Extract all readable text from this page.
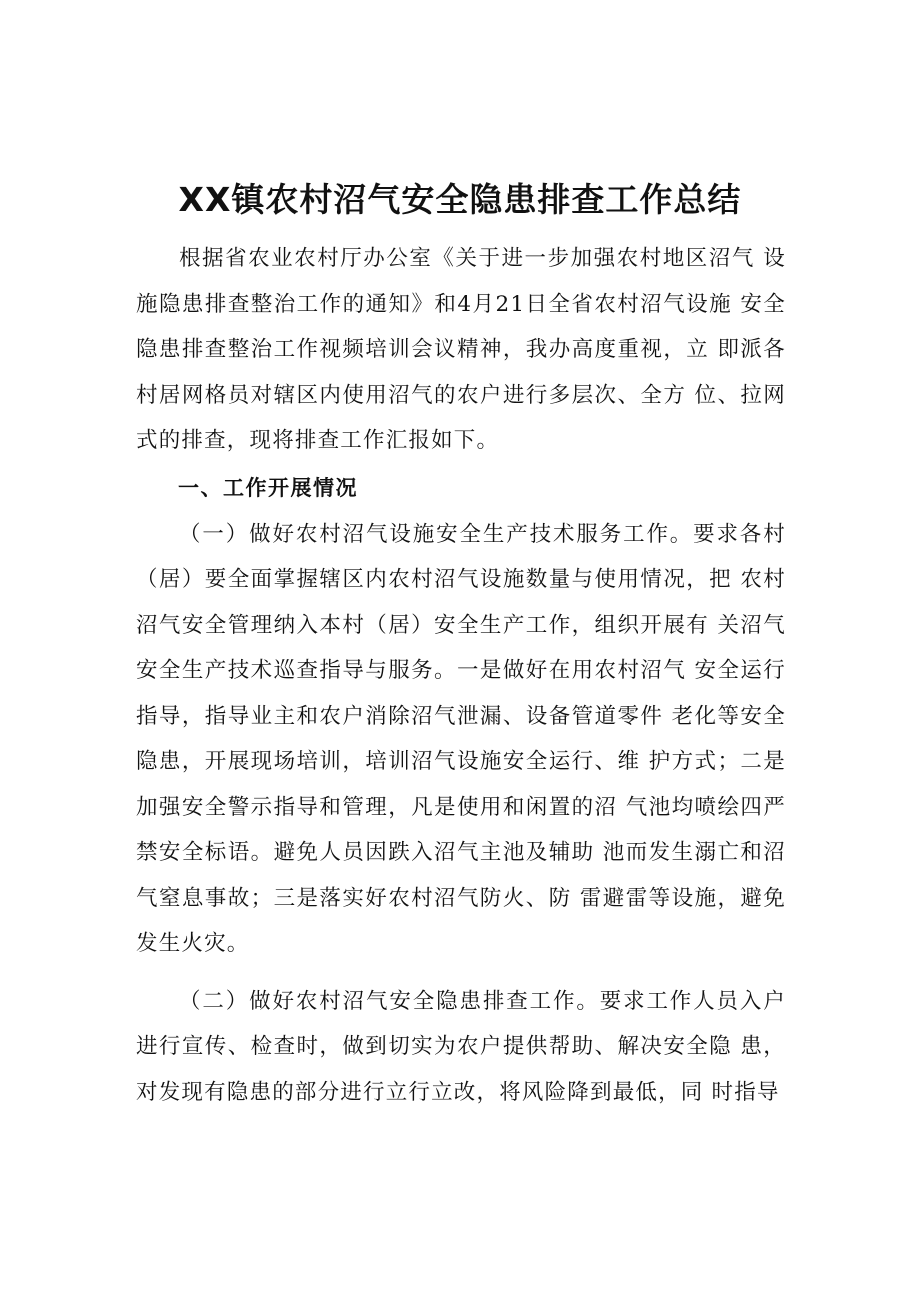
XX镇农村沼气安全隐患排查工作总结

根据省农业农村厅办公室《关于进一步加强农村地区沼气 设施隐患排查整治工作的通知》和4月21日全省农村沼气设施 安全隐患排查整治工作视频培训会议精神，我办高度重视，立 即派各村居网格员对辖区内使用沼气的农户进行多层次、全方 位、拉网式的排查，现将排查工作汇报如下。

一、工作开展情况

（一）做好农村沼气设施安全生产技术服务工作。要求各村（居）要全面掌握辖区内农村沼气设施数量与使用情况，把 农村沼气安全管理纳入本村（居）安全生产工作，组织开展有 关沼气安全生产技术巡查指导与服务。一是做好在用农村沼气 安全运行指导，指导业主和农户消除沼气泄漏、设备管道零件 老化等安全隐患，开展现场培训，培训沼气设施安全运行、维 护方式；二是加强安全警示指导和管理，凡是使用和闲置的沼 气池均喷绘四严禁安全标语。避免人员因跌入沼气主池及辅助 池而发生溺亡和沼气窒息事故；三是落实好农村沼气防火、防 雷避雷等设施，避免发生火灾。

（二）做好农村沼气安全隐患排查工作。要求工作人员入户进行宣传、检查时，做到切实为农户提供帮助、解决安全隐 患，对发现有隐患的部分进行立行立改，将风险降到最低，同 时指导
